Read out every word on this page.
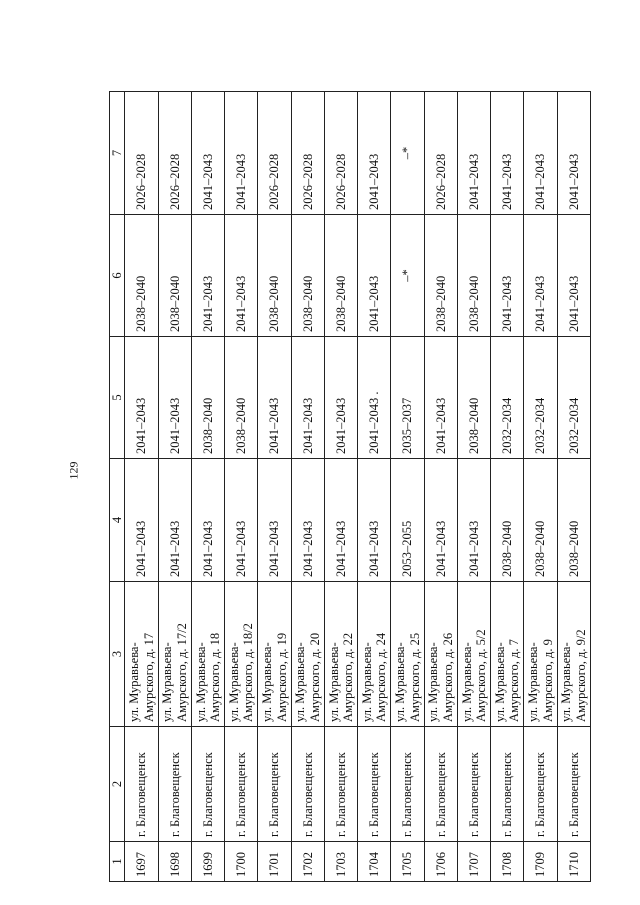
129
1	2	3	4	5	6	7
1697	г. Благовещенск	ул. Муравьева-Амурского, д. 17	2041–2043	2041–2043	2038–2040	2026–2028
1698	г. Благовещенск	ул. Муравьева-Амурского, д. 17/2	2041–2043	2041–2043	2038–2040	2026–2028
1699	г. Благовещенск	ул. Муравьева-Амурского, д. 18	2041–2043	2038–2040	2041–2043	2041–2043
1700	г. Благовещенск	ул. Муравьева-Амурского, д. 18/2	2041–2043	2038–2040	2041–2043	2041–2043
1701	г. Благовещенск	ул. Муравьева-Амурского, д. 19	2041–2043	2041–2043	2038–2040	2026–2028
1702	г. Благовещенск	ул. Муравьева-Амурского, д. 20	2041–2043	2041–2043	2038–2040	2026–2028
1703	г. Благовещенск	ул. Муравьева-Амурского, д. 22	2041–2043	2041–2043	2038–2040	2026–2028
1704	г. Благовещенск	ул. Муравьева-Амурского, д. 24	2041–2043	2041–2043 .	2041–2043	2041–2043
1705	г. Благовещенск	ул. Муравьева-Амурского, д. 25	2053–2055	2035–2037	–*	–*
1706	г. Благовещенск	ул. Муравьева-Амурского, д. 26	2041–2043	2041–2043	2038–2040	2026–2028
1707	г. Благовещенск	ул. Муравьева-Амурского, д. 5/2	2041–2043	2038–2040	2038–2040	2041–2043
1708	г. Благовещенск	ул. Муравьева-Амурского, д. 7	2038–2040	2032–2034	2041–2043	2041–2043
1709	г. Благовещенск	ул. Муравьева-Амурского, д. 9	2038–2040	2032–2034	2041–2043	2041–2043
1710	г. Благовещенск	ул. Муравьева-Амурского, д. 9/2	2038–2040	2032–2034	2041–2043	2041–2043
